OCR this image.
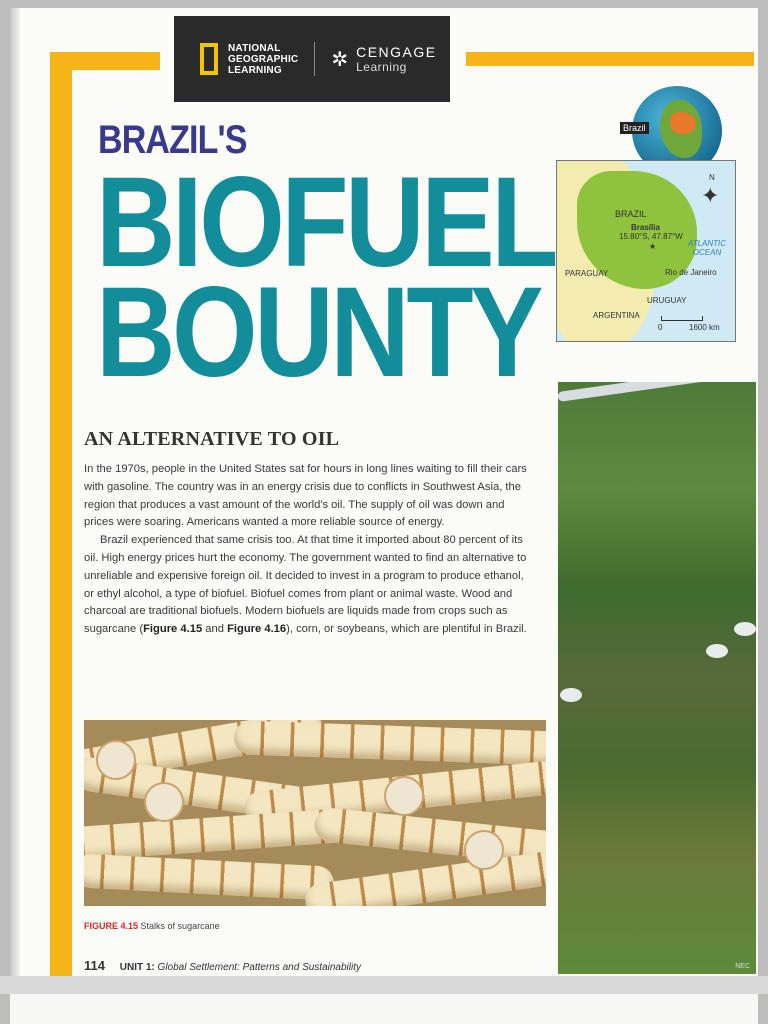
NATIONAL
GEOGRAPHIC
LEARNING	✲ CENGAGE
Learning
BRAZIL'S
BIOFUEL
BOUNTY
Brazil
BRAZIL
Brasília
15.80°S, 47.87°W
★	ATLANTIC OCEAN
Rio de Janeiro
PARAGUAY
URUGUAY
ARGENTINA
N
✦
0	1600 km
NEC
AN ALTERNATIVE TO OIL

In the 1970s, people in the United States sat for hours in long lines waiting to fill their cars with gasoline. The country was in an energy crisis due to conflicts in Southwest Asia, the region that produces a vast amount of the world's oil. The supply of oil was down and prices were soaring. Americans wanted a more reliable source of energy.

Brazil experienced that same crisis too. At that time it imported about 80 percent of its oil. High energy prices hurt the economy. The government wanted to find an alternative to unreliable and expensive foreign oil. It decided to invest in a program to produce ethanol, or ethyl alcohol, a type of biofuel. Biofuel comes from plant or animal waste. Wood and charcoal are traditional biofuels. Modern biofuels are liquids made from crops such as sugarcane (Figure 4.15 and Figure 4.16), corn, or soybeans, which are plentiful in Brazil.

FIGURE 4.15 Stalks of sugarcane
114 UNIT 1: Global Settlement: Patterns and Sustainability
